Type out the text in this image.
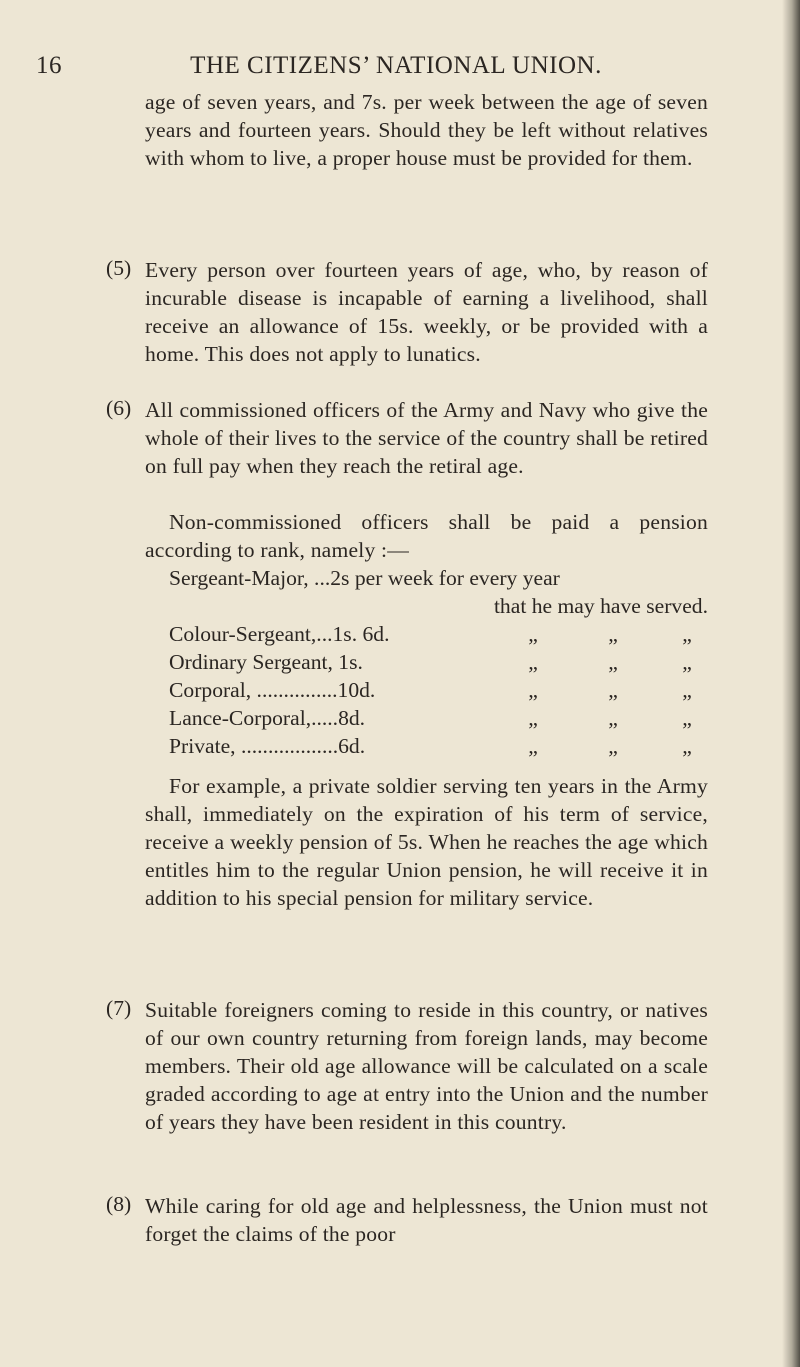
16	THE CITIZENS’ NATIONAL UNION.
age of seven years, and 7s. per week between the age of seven years and fourteen years. Should they be left without relatives with whom to live, a proper house must be provided for them.
(5) Every person over fourteen years of age, who, by reason of incurable disease is incapable of earning a livelihood, shall receive an allowance of 15s. weekly, or be provided with a home. This does not apply to lunatics.
(6) All commissioned officers of the Army and Navy who give the whole of their lives to the service of the country shall be retired on full pay when they reach the retiral age.
Non-commissioned officers shall be paid a pension according to rank, namely :—
Sergeant-Major, ...2s per week for every year
that he may have served.
Colour-Sergeant,...1s. 6d.	„	„	„
Ordinary Sergeant, 1s.	„	„	„
Corporal, ...............10d.	„	„	„
Lance-Corporal,.....8d.	„	„	„
Private, ..................6d.	„	„	„
For example, a private soldier serving ten years in the Army shall, immediately on the expiration of his term of service, receive a weekly pension of 5s. When he reaches the age which entitles him to the regular Union pension, he will receive it in addition to his special pension for military service.
(7) Suitable foreigners coming to reside in this country, or natives of our own country returning from foreign lands, may become members. Their old age allowance will be calculated on a scale graded according to age at entry into the Union and the number of years they have been resident in this country.
(8) While caring for old age and helplessness, the Union must not forget the claims of the poor
